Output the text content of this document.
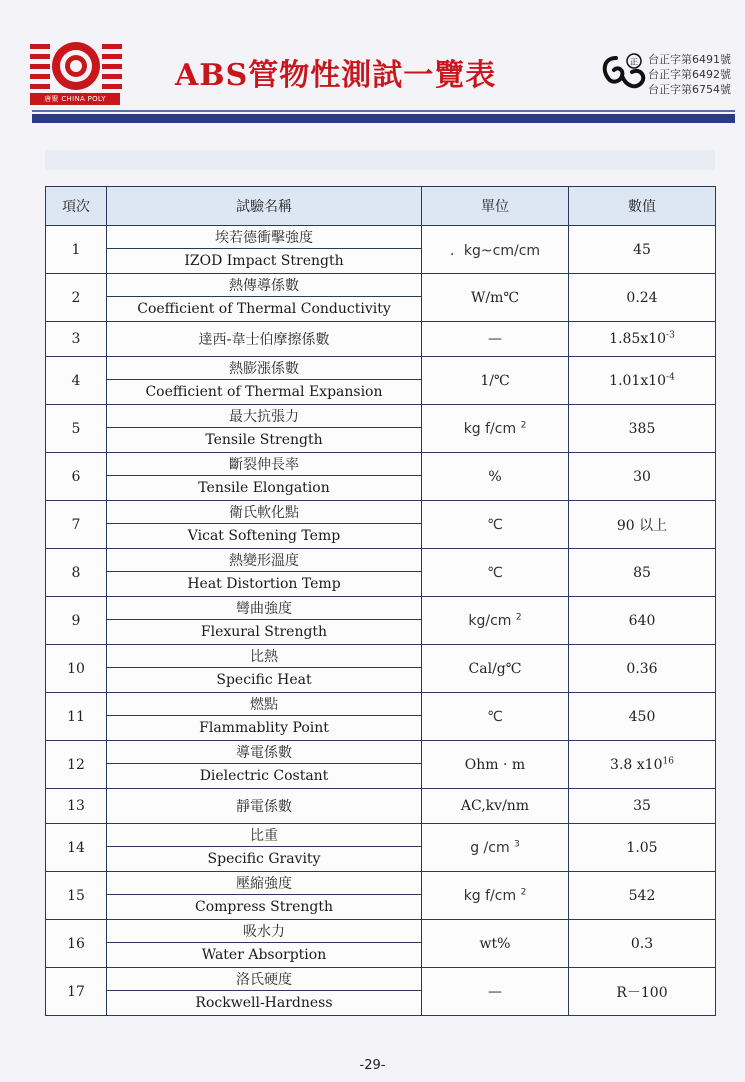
唐聚 CHINA POLY
ABS管物性測試一覽表	正 台正字第6491號
台正字第6492號
台正字第6754號
項次	試驗名稱	單位	數值
1	埃若德衝擊強度	．kg~cm/cm	45
	IZOD Impact Strength		
2	熱傳導係數	W/m℃	0.24
	Coefficient of Thermal Conductivity		
3	達西-韋士伯摩擦係數	—	$1.85x10^{-3}$
4	熱膨漲係數	1/℃	$1.01x10^{-4}$
	Coefficient of Thermal Expansion		
5	最大抗張力	kg f/cm $^2$	385
	Tensile Strength		
6	斷裂伸長率	%	30
	Tensile Elongation		
7	衛氏軟化點	℃	90 以上
	Vicat Softening Temp		
8	熱變形溫度	℃	85
	Heat Distortion Temp		
9	彎曲強度	kg/cm $^2$	640
	Flexural Strength		
10	比熱	Cal/g℃	0.36
	Specific Heat		
11	燃點	℃	450
	Flammablity Point		
12	導電係數	Ohm · m	3.8 $x10^{16}$
	Dielectric Costant		
13	靜電係數	AC,kv/nm	35
14	比重	g /cm $^3$	1.05
	Specific Gravity		
15	壓縮強度	kg f/cm $^2$	542
	Compress Strength		
16	吸水力	wt%	0.3
	Water Absorption		
17	洛氏硬度	—	R－100
	Rockwell-Hardness		
-29-
